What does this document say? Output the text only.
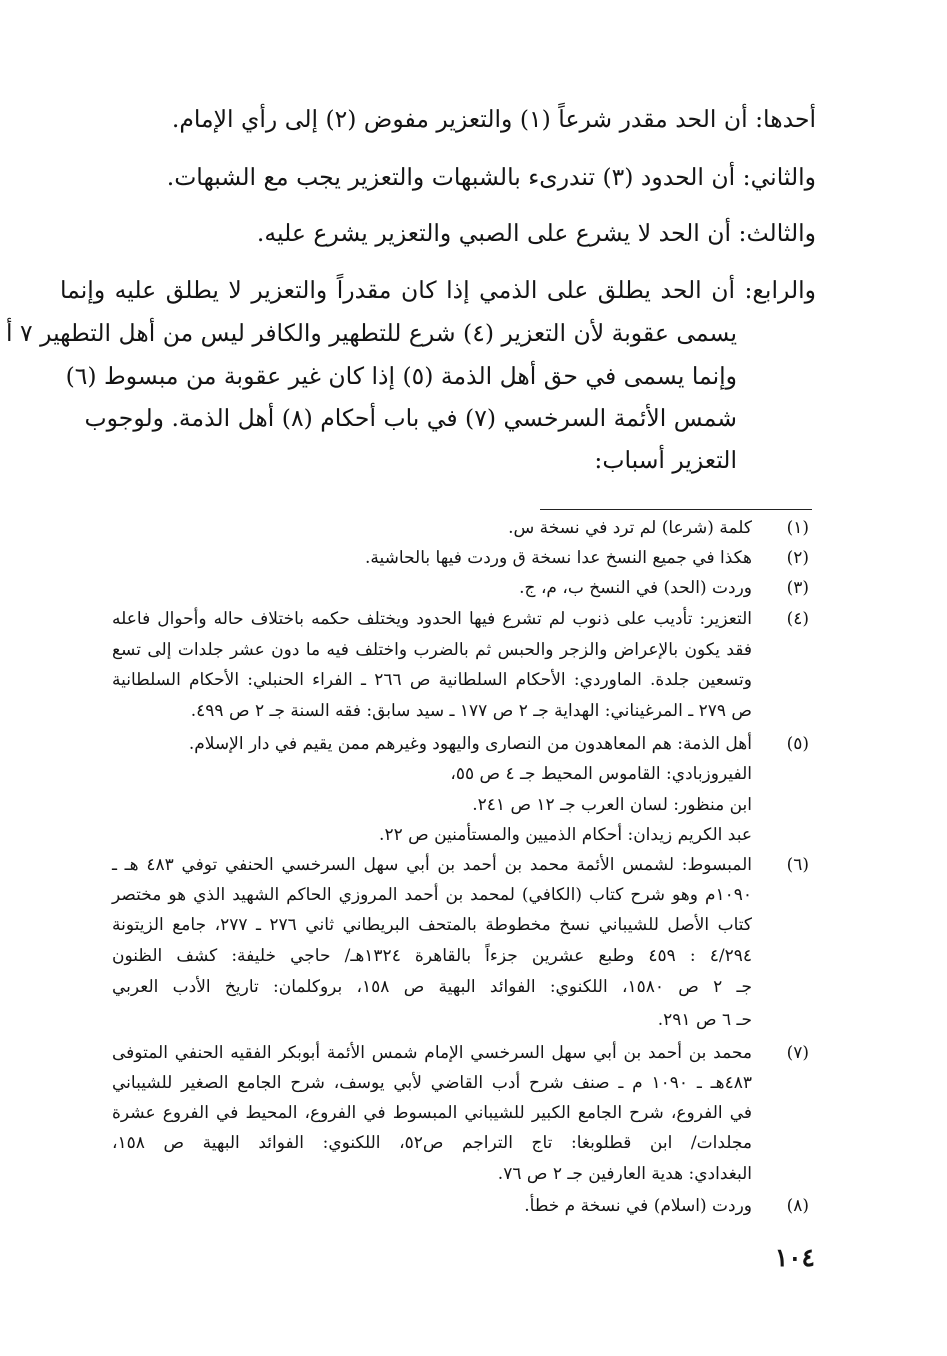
أحدها: أن الحد مقدر شرعاً (١) والتعزير مفوض (٢) إلى رأي الإمام.
والثاني: أن الحدود (٣) تندرىء بالشبهات والتعزير يجب مع الشبهات.
والثالث: أن الحد لا يشرع على الصبي والتعزير يشرع عليه.
والرابع: أن الحد يطلق على الذمي إذا كان مقدراً والتعزير لا يطلق عليه وإنما
يسمى عقوبة لأن التعزير (٤) شرع للتطهير والكافر ليس من أهل التطهير ٧ أ
وإنما يسمى في حق أهل الذمة (٥) إذا كان غير عقوبة من مبسوط (٦)
شمس الأئمة السرخسي (٧) في باب أحكام (٨) أهل الذمة. ولوجوب
التعزير أسباب:
(١)
كلمة (شرعا) لم ترد في نسخة س.
(٢)
هكذا في جميع النسخ عدا نسخة ق وردت فيها بالحاشية.
(٣)
وردت (الحد) في النسخ ب، م، ج.
(٤)
التعزير: تأديب على ذنوب لم تشرع فيها الحدود ويختلف حكمه باختلاف حاله وأحوال فاعله
فقد يكون بالإعراض والزجر والحبس ثم بالضرب واختلف فيه ما دون عشر جلدات إلى تسع
وتسعين جلدة. الماوردي: الأحكام السلطانية ص ٢٦٦ ـ الفراء الحنبلي: الأحكام السلطانية
ص ٢٧٩ ـ المرغيناني: الهداية جـ ٢ ص ١٧٧ ـ سيد سابق: فقه السنة جـ ٢ ص ٤٩٩.
(٥)
أهل الذمة: هم المعاهدون من النصارى واليهود وغيرهم ممن يقيم في دار الإسلام.
الفيروزبادي: القاموس المحيط جـ ٤ ص ٥٥،
ابن منظور: لسان العرب جـ ١٢ ص ٢٤١.
عبد الكريم زيدان: أحكام الذميين والمستأمنين ص ٢٢.
(٦)
المبسوط: لشمس الأئمة محمد بن أحمد بن أبي سهل السرخسي الحنفي توفي ٤٨٣ هـ ـ
١٠٩٠م وهو شرح كتاب (الكافي) لمحمد بن أحمد المروزي الحاكم الشهيد الذي هو مختصر
كتاب الأصل للشيباني نسخ مخطوطة بالمتحف البريطاني ثاني ٢٧٦ ـ ٢٧٧، جامع الزيتونة
٤/٢٩٤ : ٤٥٩ وطبع عشرين جزءاً بالقاهرة ١٣٢٤هـ/ حاجي خليفة: كشف الظنون
جـ ٢ ص ١٥٨٠، اللكنوي: الفوائد البهية ص ١٥٨، بروكلمان: تاريخ الأدب العربي
حـ ٦ ص ٢٩١.
(٧)
محمد بن أحمد بن أبي سهل السرخسي الإمام شمس الأئمة أبوبكر الفقيه الحنفي المتوفى
٤٨٣هـ ـ ١٠٩٠ م ـ صنف شرح أدب القاضي لأبي يوسف، شرح الجامع الصغير للشيباني
في الفروع، شرح الجامع الكبير للشيباني المبسوط في الفروع، المحيط في الفروع عشرة
مجلدات/ ابن قطلوبغا: تاج التراجم ص٥٢، اللكنوي: الفوائد البهية ص ١٥٨،
البغدادي: هدية العارفين جـ ٢ ص ٧٦.
(٨)
وردت (اسلام) في نسخة م خطأ.
١٠٤
